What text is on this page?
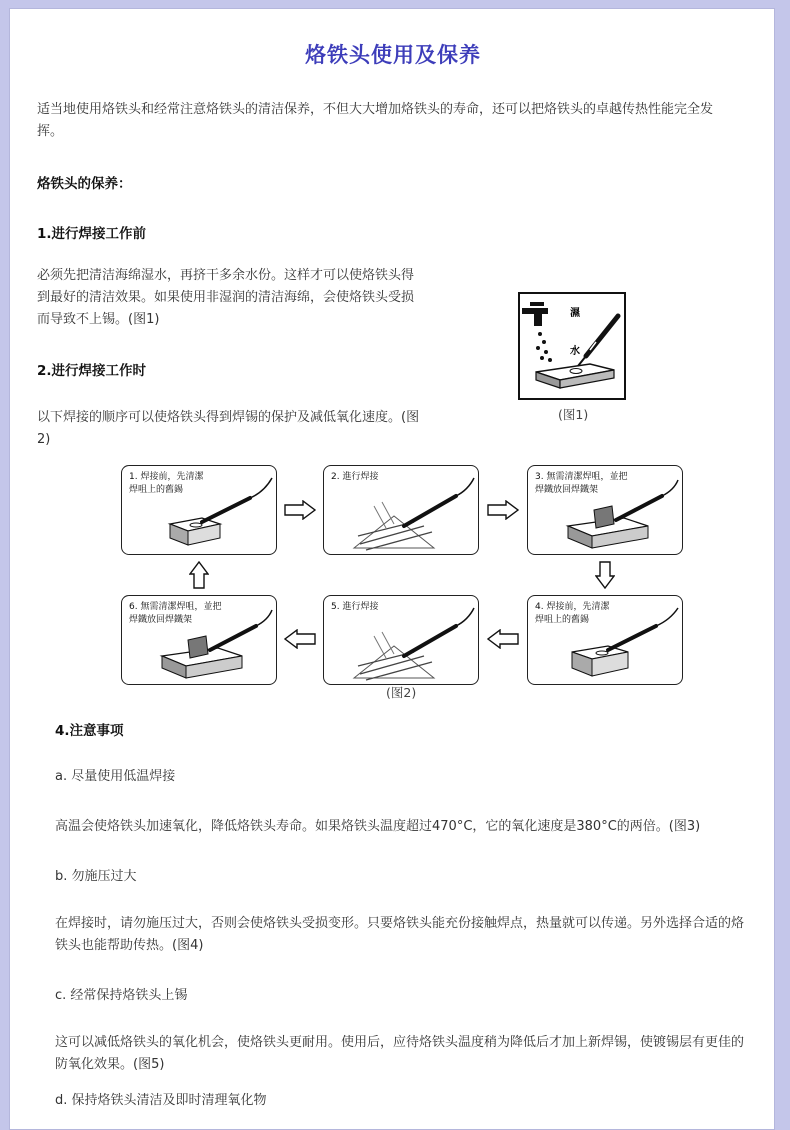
烙铁头使用及保养

适当地使用烙铁头和经常注意烙铁头的清洁保养，不但大大增加烙铁头的寿命，还可以把烙铁头的卓越传热性能完全发挥。

烙铁头的保养：

1.进行焊接工作前

必须先把清洁海绵湿水，再挤干多余水份。这样才可以使烙铁头得到最好的清洁效果。如果使用非湿润的清洁海绵，会使烙铁头受损而导致不上锡。(图1)	濕
水
(图1)

2.进行焊接工作时

以下焊接的顺序可以使烙铁头得到焊锡的保护及减低氧化速度。(图2)

1. 焊接前，先清潔
焊咀上的舊錫
2. 進行焊接	3. 無需清潔焊咀，並把
焊鐵放回焊鐵架
4. 焊接前，先清潔
焊咀上的舊錫
5. 進行焊接
6. 無需清潔焊咀，並把
焊鐵放回焊鐵架
(图2)

4.注意事项

a. 尽量使用低温焊接

高温会使烙铁头加速氧化，降低烙铁头寿命。如果烙铁头温度超过470°C，它的氧化速度是380°C的两倍。(图3)

b. 勿施压过大

在焊接时，请勿施压过大，否则会使烙铁头受损变形。只要烙铁头能充份接触焊点，热量就可以传递。另外选择合适的烙铁头也能帮助传热。(图4)

c. 经常保持烙铁头上锡

这可以减低烙铁头的氧化机会，使烙铁头更耐用。使用后，应待烙铁头温度稍为降低后才加上新焊锡，使镀锡层有更佳的防氧化效果。(图5)

d. 保持烙铁头清洁及即时清理氧化物
